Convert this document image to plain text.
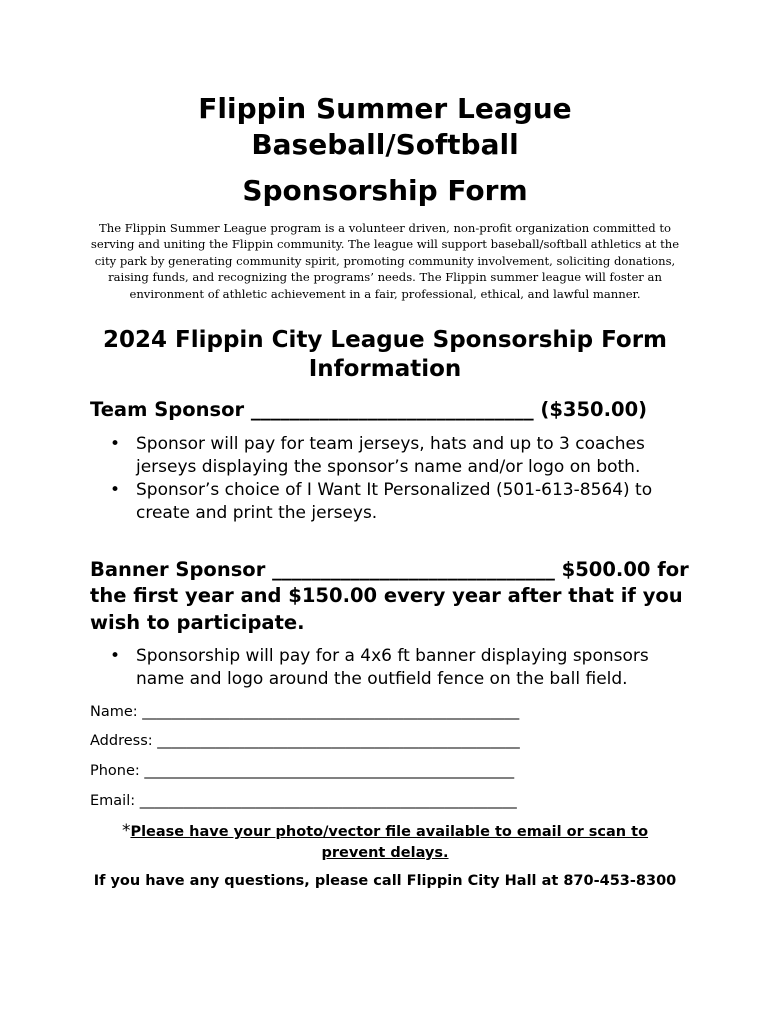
Flippin Summer League
Baseball/Softball
Sponsorship Form

The Flippin Summer League program is a volunteer driven, non-profit organization committed to serving and uniting the Flippin community. The league will support baseball/softball athletics at the city park by generating community spirit, promoting community involvement, soliciting donations, raising funds, and recognizing the programs’ needs. The Flippin summer league will foster an environment of athletic achievement in a fair, professional, ethical, and lawful manner.

2024 Flippin City League Sponsorship Form Information

Team Sponsor _____________________________ ($350.00)

• Sponsor will pay for team jerseys, hats and up to 3 coaches jerseys displaying the sponsor’s name and/or logo on both.
• Sponsor’s choice of I Want It Personalized (501-613-8564) to create and print the jerseys.

Banner Sponsor _____________________________ $500.00 for the first year and $150.00 every year after that if you wish to participate.

• Sponsorship will pay for a 4x6 ft banner displaying sponsors name and logo around the outfield fence on the ball field.

Name: ____________________________________________________

Address: __________________________________________________

Phone: ___________________________________________________

Email: ____________________________________________________

*Please have your photo/vector file available to email or scan to prevent delays.

If you have any questions, please call Flippin City Hall at 870-453-8300
